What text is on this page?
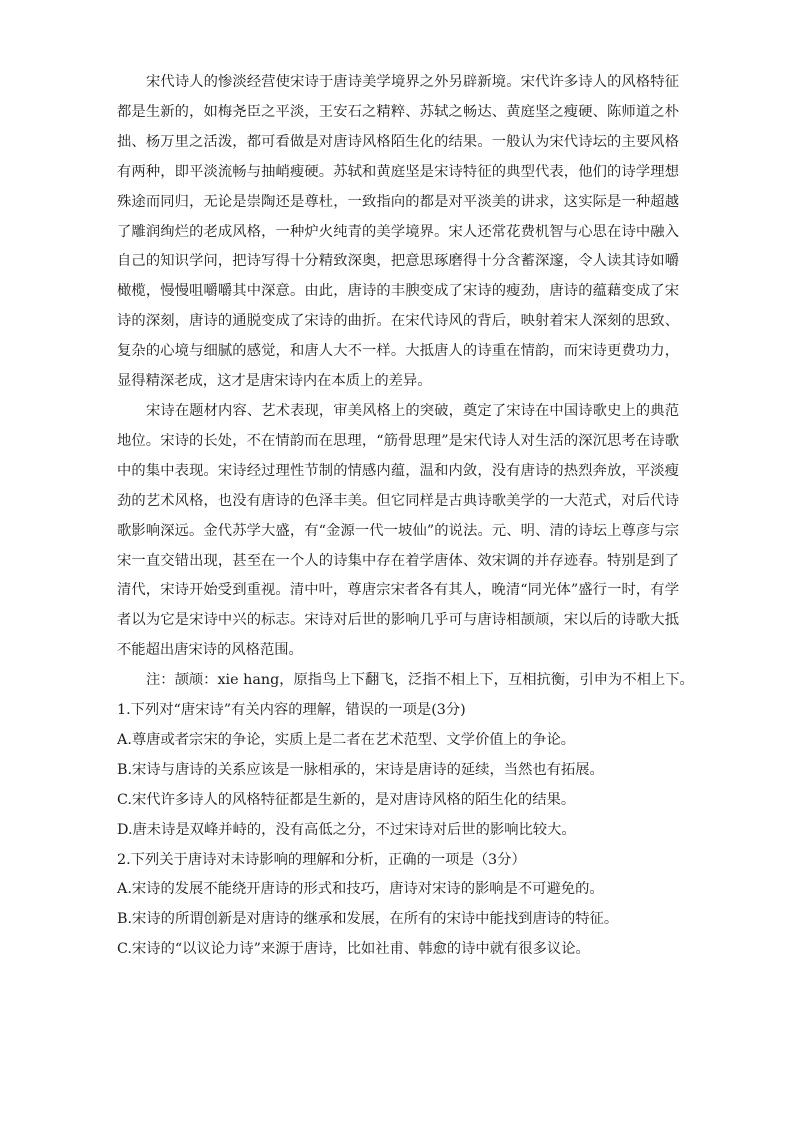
宋代诗人的惨淡经营使宋诗于唐诗美学境界之外另辟新境。宋代许多诗人的风格特征都是生新的，如梅尧臣之平淡，王安石之精粹、苏轼之畅达、黄庭坚之瘦硬、陈师道之朴拙、杨万里之活泼，都可看做是对唐诗风格陌生化的结果。一般认为宋代诗坛的主要风格有两种，即平淡流畅与抽峭瘦硬。苏轼和黄庭坚是宋诗特征的典型代表，他们的诗学理想殊途而同归，无论是崇陶还是尊杜，一致指向的都是对平淡美的讲求，这实际是一种超越了雕润绚烂的老成风格，一种炉火纯青的美学境界。宋人还常花费机智与心思在诗中融入自己的知识学问，把诗写得十分精致深奥，把意思琢磨得十分含蓄深邃，令人读其诗如嚼橄榄，慢慢咀嚼嚼其中深意。由此，唐诗的丰腴变成了宋诗的瘦劲，唐诗的蕴藉变成了宋诗的深刻，唐诗的通脱变成了宋诗的曲折。在宋代诗风的背后，映射着宋人深刻的思致、复杂的心境与细腻的感觉，和唐人大不一样。大抵唐人的诗重在情韵，而宋诗更费功力，显得精深老成，这才是唐宋诗内在本质上的差异。

宋诗在题材内容、艺术表现，审美风格上的突破，奠定了宋诗在中国诗歌史上的典范地位。宋诗的长处，不在情韵而在思理，“筋骨思理”是宋代诗人对生活的深沉思考在诗歌中的集中表现。宋诗经过理性节制的情感内蕴，温和内敛，没有唐诗的热烈奔放，平淡瘦劲的艺术风格，也没有唐诗的色泽丰美。但它同样是古典诗歌美学的一大范式，对后代诗歌影响深远。金代苏学大盛，有“金源一代一坡仙”的说法。元、明、清的诗坛上尊彦与宗宋一直交错出现，甚至在一个人的诗集中存在着学唐体、效宋调的并存迹春。特别是到了清代，宋诗开始受到重视。清中叶，尊唐宗宋者各有其人，晚清“同光体”盛行一时，有学者以为它是宋诗中兴的标志。宋诗对后世的影响几乎可与唐诗相颉颃，宋以后的诗歌大抵不能超出唐宋诗的风格范围。

注：颉颃：xie hang，原指鸟上下翻飞，泛指不相上下，互相抗衡，引申为不相上下。

1.下列对“唐宋诗”有关内容的理解，错误的一项是(3分)

A.尊唐或者宗宋的争论，实质上是二者在艺术范型、文学价值上的争论。

B.宋诗与唐诗的关系应该是一脉相承的，宋诗是唐诗的延续，当然也有拓展。

C.宋代许多诗人的风格特征都是生新的，是对唐诗风格的陌生化的结果。

D.唐未诗是双峰并峙的，没有高低之分，不过宋诗对后世的影响比较大。

2.下列关于唐诗对未诗影响的理解和分析，正确的一项是（3分）

A.宋诗的发展不能绕开唐诗的形式和技巧，唐诗对宋诗的影响是不可避免的。

B.宋诗的所谓创新是对唐诗的继承和发展，在所有的宋诗中能找到唐诗的特征。

C.宋诗的“以议论力诗”来源于唐诗，比如社甫、韩愈的诗中就有很多议论。
